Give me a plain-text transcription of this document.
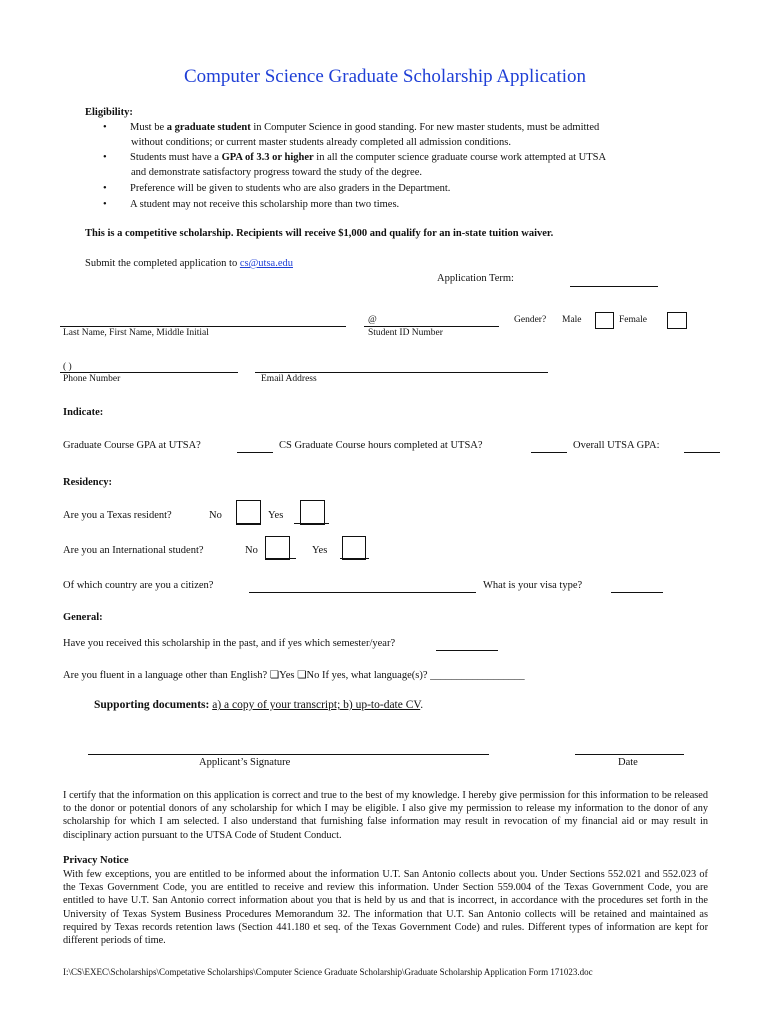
Computer Science Graduate Scholarship Application
Eligibility:
• Must be a graduate student in Computer Science in good standing. For new master students, must be admitted
without conditions; or current master students already completed all admission conditions.
• Students must have a GPA of 3.3 or higher in all the computer science graduate course work attempted at UTSA
and demonstrate satisfactory progress toward the study of the degree.
• Preference will be given to students who are also graders in the Department.
• A student may not receive this scholarship more than two times.
This is a competitive scholarship. Recipients will receive $1,000 and qualify for an in-state tuition waiver.
Submit the completed application to cs@utsa.edu
Application Term:
@	Gender? Male	Female
Last Name, First Name, Middle Initial	Student ID Number
( )
Phone Number	Email Address
Indicate:
Graduate Course GPA at UTSA?	CS Graduate Course hours completed at UTSA?	Overall UTSA GPA:
Residency:
Are you a Texas resident?	No	Yes
Are you an International student?	No	Yes
Of which country are you a citizen?	What is your visa type?
General:
Have you received this scholarship in the past, and if yes which semester/year?
Are you fluent in a language other than English? ❏Yes ❏No If yes, what language(s)? __________________
Supporting documents: a) a copy of your transcript; b) up-to-date CV.
Applicant’s Signature	Date
I certify that the information on this application is correct and true to the best of my knowledge. I hereby give permission for this information to be released to the donor or potential donors of any scholarship for which I may be eligible. I also give my permission to release my information to the donor of any scholarship for which I am selected. I also understand that furnishing false information may result in revocation of my financial aid or may result in disciplinary action pursuant to the UTSA Code of Student Conduct.
Privacy Notice
With few exceptions, you are entitled to be informed about the information U.T. San Antonio collects about you. Under Sections 552.021 and 552.023 of the Texas Government Code, you are entitled to receive and review this information. Under Section 559.004 of the Texas Government Code, you are entitled to have U.T. San Antonio correct information about you that is held by us and that is incorrect, in accordance with the procedures set forth in the University of Texas System Business Procedures Memorandum 32. The information that U.T. San Antonio collects will be retained and maintained as required by Texas records retention laws (Section 441.180 et seq. of the Texas Government Code) and rules. Different types of information are kept for different periods of time.
I:\CS\EXEC\Scholarships\Competative Scholarships\Computer Science Graduate Scholarship\Graduate Scholarship Application Form 171023.doc
